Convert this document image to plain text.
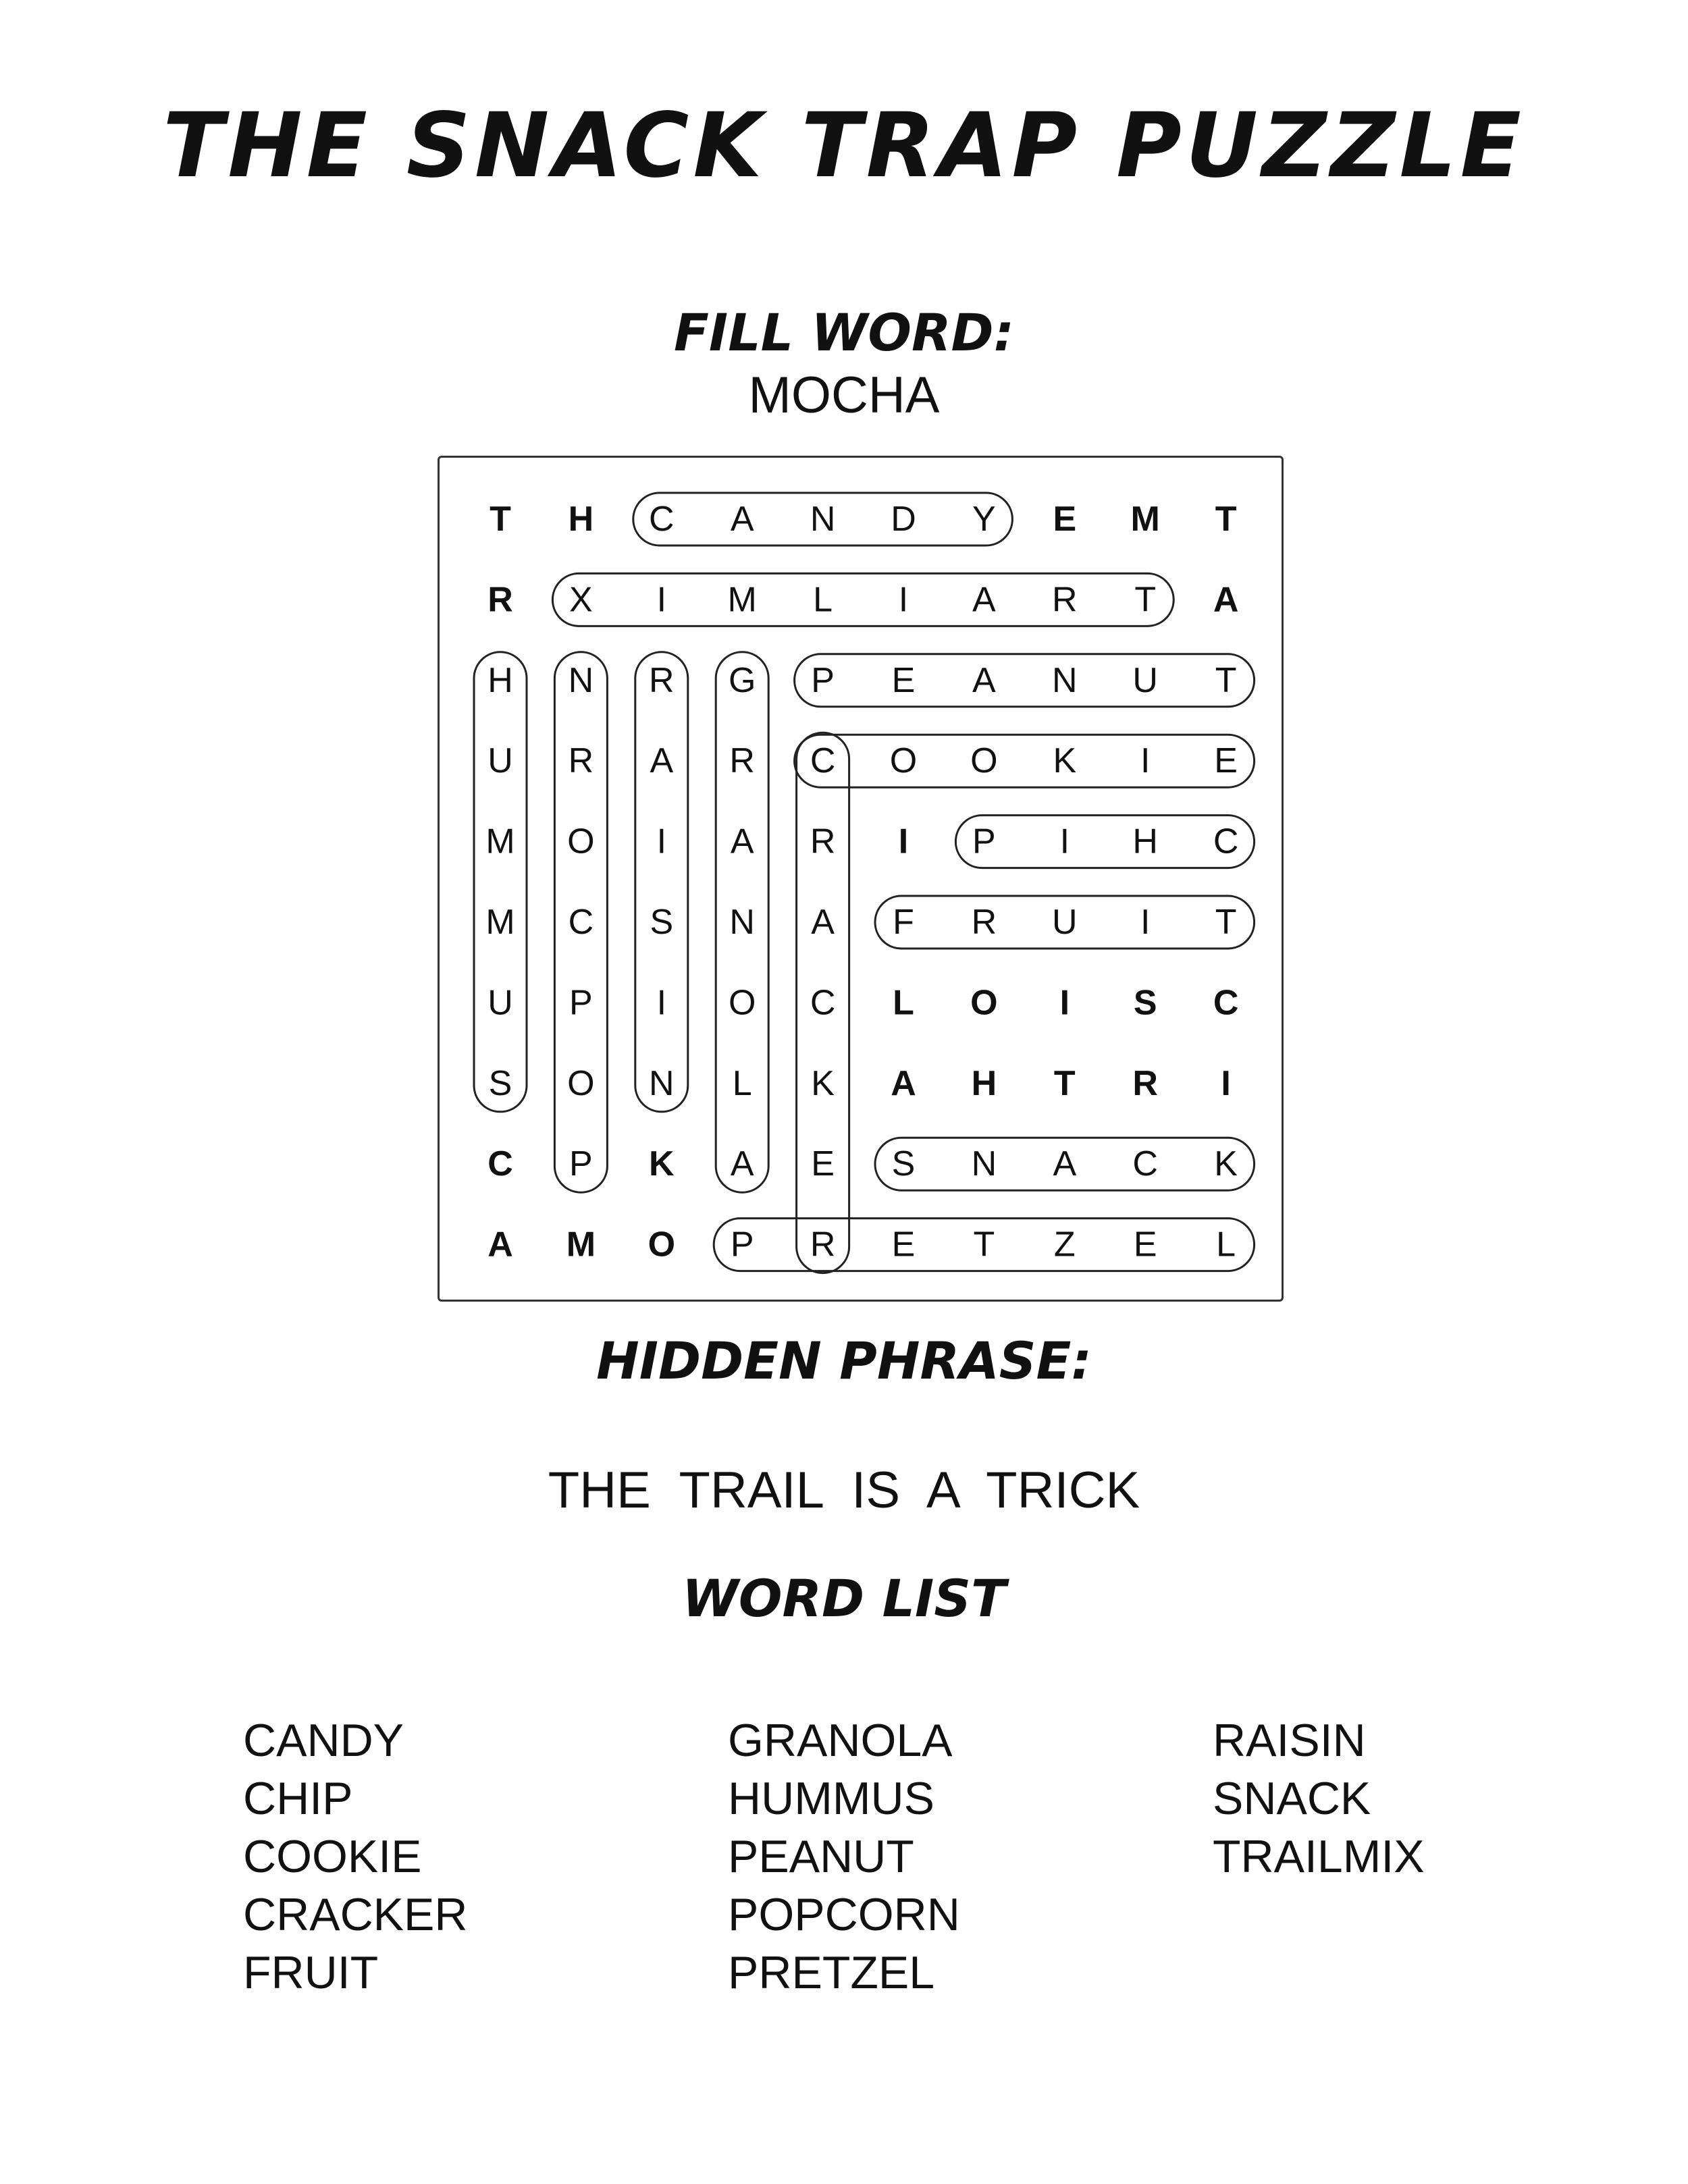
THE SNACK TRAP PUZZLE
FILL WORD:
MOCHA
T H C A N D Y E M T
R X I M L I A R T A
H N R G P E A N U T
U R A R C O O K I E
M O I A R I P I H C
M C S N A F R U I T
U P I O C L O I S C
S O N L K A H T R I
C P K A E S N A C K
A M O P R E T Z E L
HIDDEN PHRASE:
THE TRAIL IS A TRICK
WORD LIST
CANDY
CHIP
COOKIE
CRACKER
FRUIT
GRANOLA
HUMMUS
PEANUT
POPCORN
PRETZEL
RAISIN
SNACK
TRAILMIX
